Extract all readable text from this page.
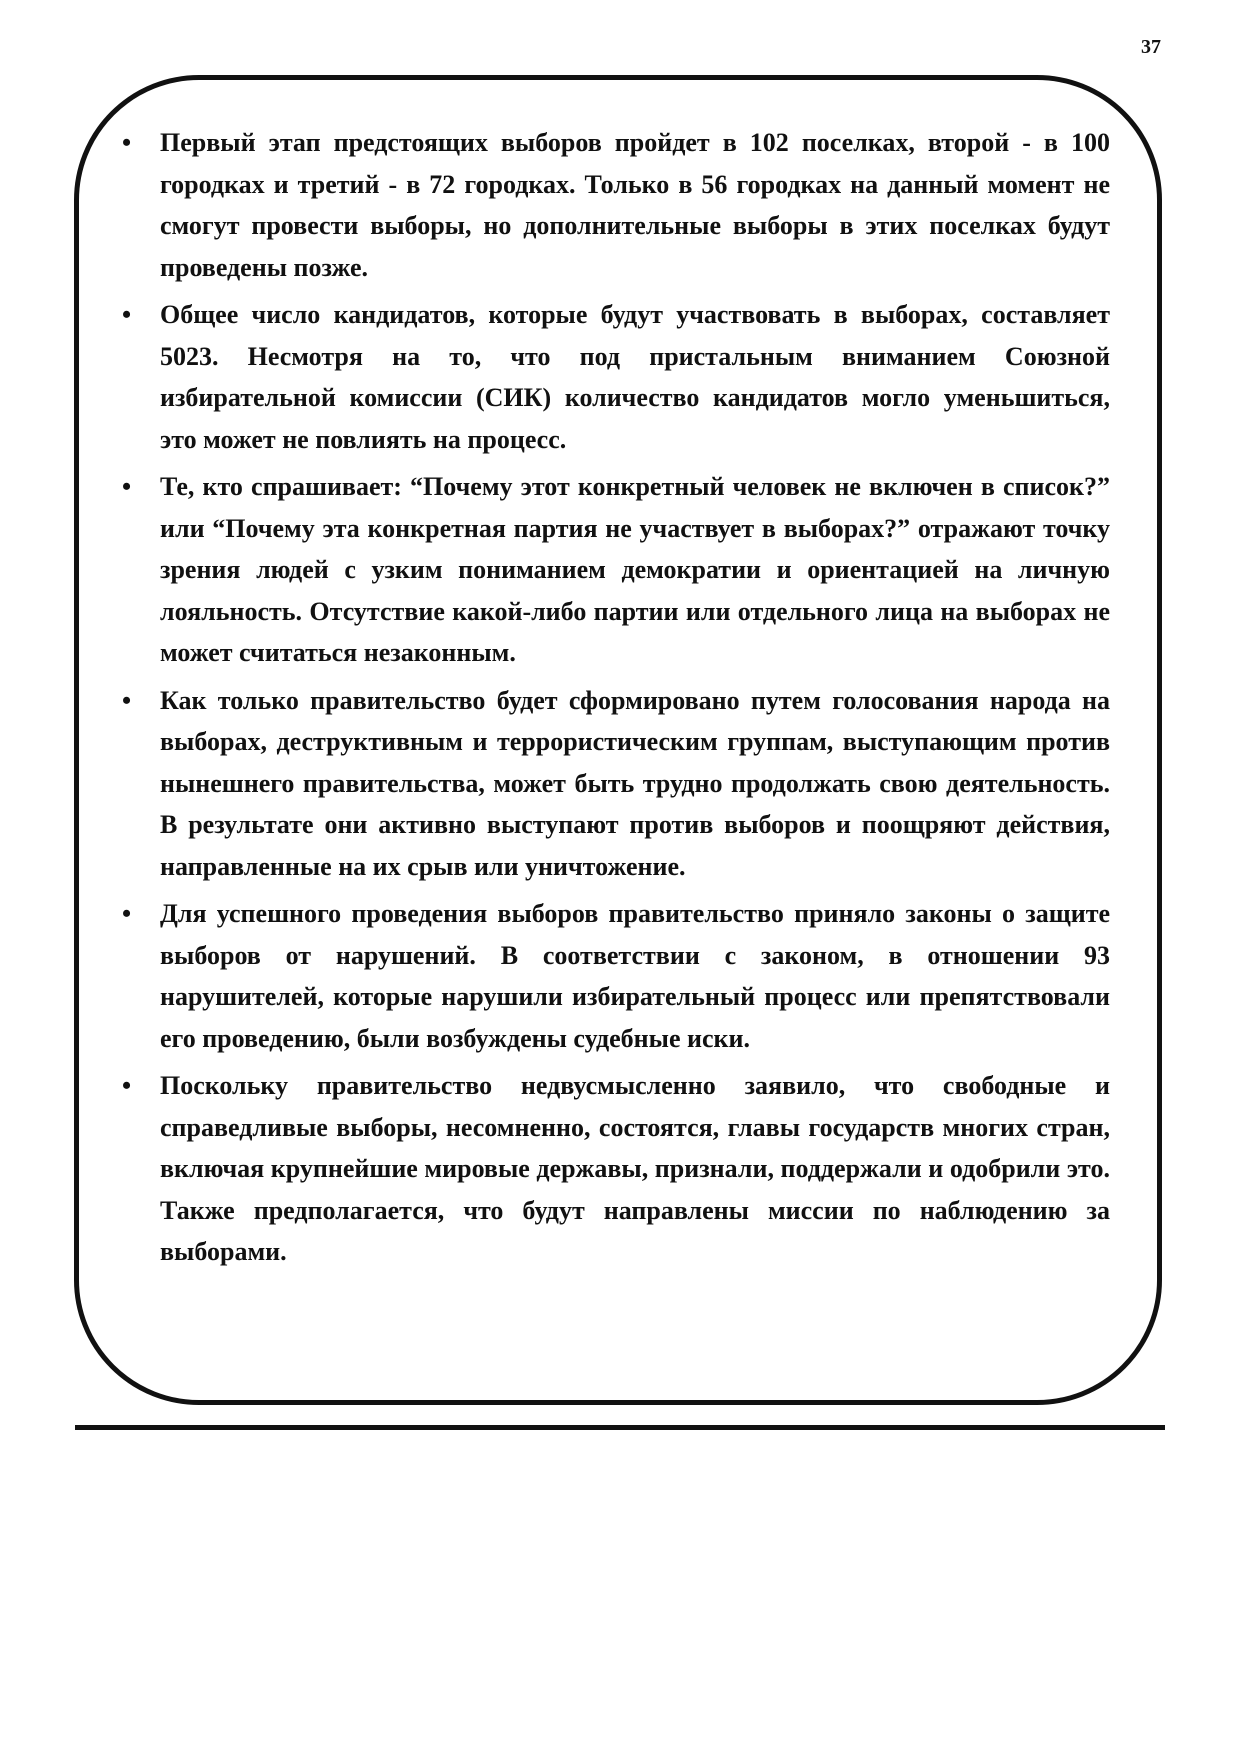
37
•	Первый этап предстоящих выборов пройдет в 102 поселках, второй - в 100 городках и третий - в 72 городках. Только в 56 городках на данный момент не смогут провести выборы, но дополнительные выборы в этих поселках будут проведены позже.
•	Общее число кандидатов, которые будут участвовать в выборах, составляет 5023. Несмотря на то, что под пристальным вниманием Союзной избирательной комиссии (СИК) количество кандидатов могло уменьшиться, это может не повлиять на процесс.
•	Те, кто спрашивает: “Почему этот конкретный человек не включен в список?” или “Почему эта конкретная партия не участвует в выборах?” отражают точку зрения людей с узким пониманием демократии и ориентацией на личную лояльность. Отсутствие какой-либо партии или отдельного лица на выборах не может считаться незаконным.
•	Как только правительство будет сформировано путем голосования народа на выборах, деструктивным и террористическим группам, выступающим против нынешнего правительства, может быть трудно продолжать свою деятельность. В результате они активно выступают против выборов и поощряют действия, направленные на их срыв или уничтожение.
•	Для успешного проведения выборов правительство приняло законы о защите выборов от нарушений. В соответствии с законом, в отношении 93 нарушителей, которые нарушили избирательный процесс или препятствовали его проведению, были возбуждены судебные иски.
•	Поскольку правительство недвусмысленно заявило, что свободные и справедливые выборы, несомненно, состоятся, главы государств многих стран, включая крупнейшие мировые державы, признали, поддержали и одобрили это. Также предполагается, что будут направлены миссии по наблюдению за выборами.
